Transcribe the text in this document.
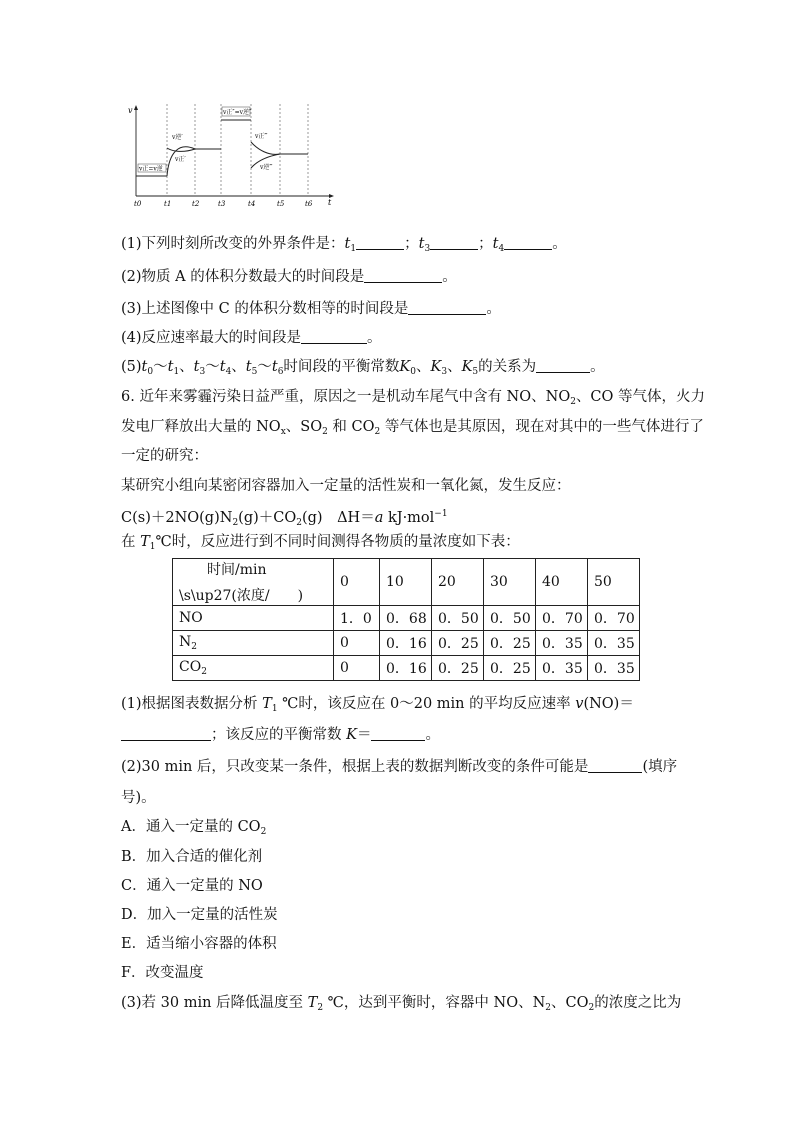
v
t
v正=v逆
v逆′
v正′
v正″=v逆″
v正‴
v逆‴
t0	t1	t2	t3	t4	t5	t6
(1)下列时刻所改变的外界条件是：$t_1$	；$t_3$	；$t_4$	。
(2)物质 A 的体积分数最大的时间段是	。
(3)上述图像中 C 的体积分数相等的时间段是	。
(4)反应速率最大的时间段是	。
$(5)t_0\sim t_1$、$t_3\sim t_4$、$t_5\sim t_6$时间段的平衡常数$K_0$、$K_3$、$K_5$的关系为	。
6. 近年来雾霾污染日益严重，原因之一是机动车尾气中含有 NO、$NO_2$、CO 等气体，火力
发电厂释放出大量的 $NO_x$、$SO_2$ 和 $CO_2$ 等气体也是其原因，现在对其中的一些气体进行了
一定的研究：
某研究小组向某密闭容器加入一定量的活性炭和一氧化氮，发生反应：
$C(s)+2NO(g)N_2(g)+CO_2(g)$　ΔH＝a kJ·mol$^{-1}$
在 $T_1℃$时，反应进行到不同时间测得各物质的量浓度如下表：
时间/min
\s\up27(浓度/　　)	0	10	20	30	40	50
NO	1．0	0．68	0．50	0．50	0．70	0．70
$N_2$	0	0．16	0．25	0．25	0．35	0．35
$CO_2$	0	0．16	0．25	0．25	0．35	0．35
(1)根据图表数据分析 $T_1$ ℃时，该反应在 0～20 min 的平均反应速率 v(NO)＝
；该反应的平衡常数 K＝	。
(2)30 min 后，只改变某一条件，根据上表的数据判断改变的条件可能是	(填序
号)。
A．通入一定量的 $CO_2$
B．加入合适的催化剂
C．通入一定量的 NO
D．加入一定量的活性炭
E．适当缩小容器的体积
F．改变温度
(3)若 30 min 后降低温度至 $T_2$ ℃，达到平衡时，容器中 NO、$N_2$、$CO_2$的浓度之比为
